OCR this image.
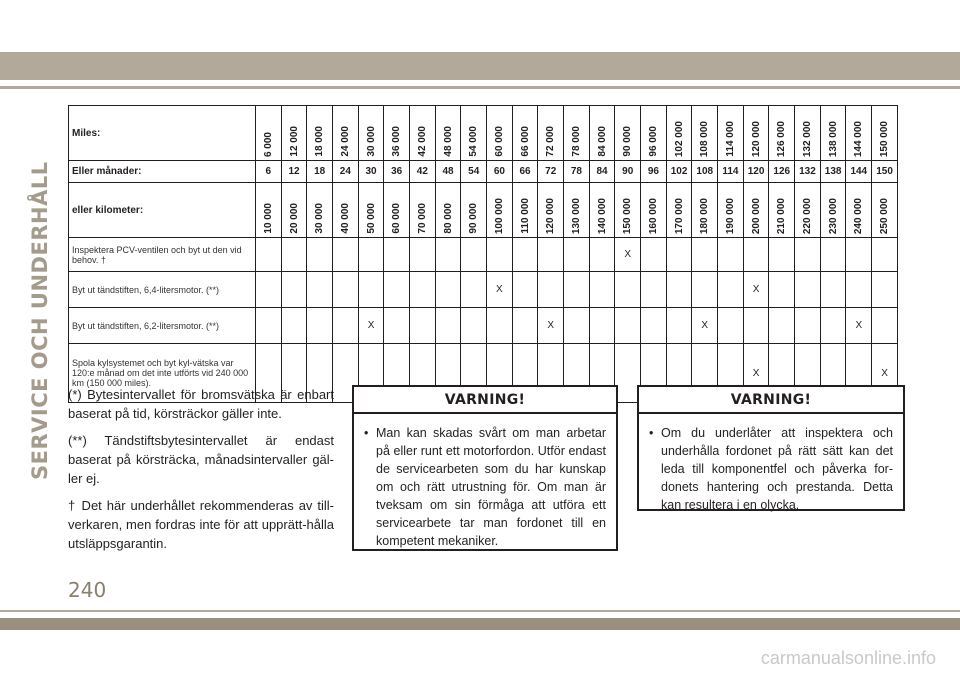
SERVICE OCH UNDERHÅLL
Miles:	6 000	12 000	18 000	24 000	30 000	36 000	42 000	48 000	54 000	60 000	66 000	72 000	78 000	84 000	90 000	96 000	102 000	108 000	114 000	120 000	126 000	132 000	138 000	144 000	150 000

Eller månader:	6	12	18	24	30	36	42	48	54	60	66	72	78	84	90	96	102	108	114	120	126	132	138	144	150
eller kilometer:	10 000	20 000	30 000	40 000	50 000	60 000	70 000	80 000	90 000	100 000	110 000	120 000	130 000	140 000	150 000	160 000	170 000	180 000	190 000	200 000	210 000	220 000	230 000	240 000	250 000

Inspektera PCV-ventilen och byt ut den vid behov. †															X										
Byt ut tändstiften, 6,4-litersmotor. (**)										X										X					
Byt ut tändstiften, 6,2-litersmotor. (**)					X							X						X						X	
Spola kylsystemet och byt kyl-vätska var 120:e månad om det inte utförts vid 240 000 km (150 000 miles).																				X					X

(*) Bytesintervallet för bromsvätska är enbart baserat på tid, körsträckor gäller inte.

(**) Tändstiftsbytesintervallet är endast baserat på körsträcka, månadsintervaller gäl-ler ej.

† Det här underhållet rekommenderas av till-verkaren, men fordras inte för att upprätt-hålla utsläppsgarantin.

VARNING!
• Man kan skadas svårt om man arbetar på eller runt ett motorfordon. Utför endast de servicearbeten som du har kunskap om och rätt utrustning för. Om man är tveksam om sin förmåga att utföra ett servicearbete tar man fordonet till en kompetent mekaniker.
VARNING!
• Om du underlåter att inspektera och underhålla fordonet på rätt sätt kan det leda till komponentfel och påverka for-donets hantering och prestanda. Detta kan resultera i en olycka.
240
carmanualsonline.info
